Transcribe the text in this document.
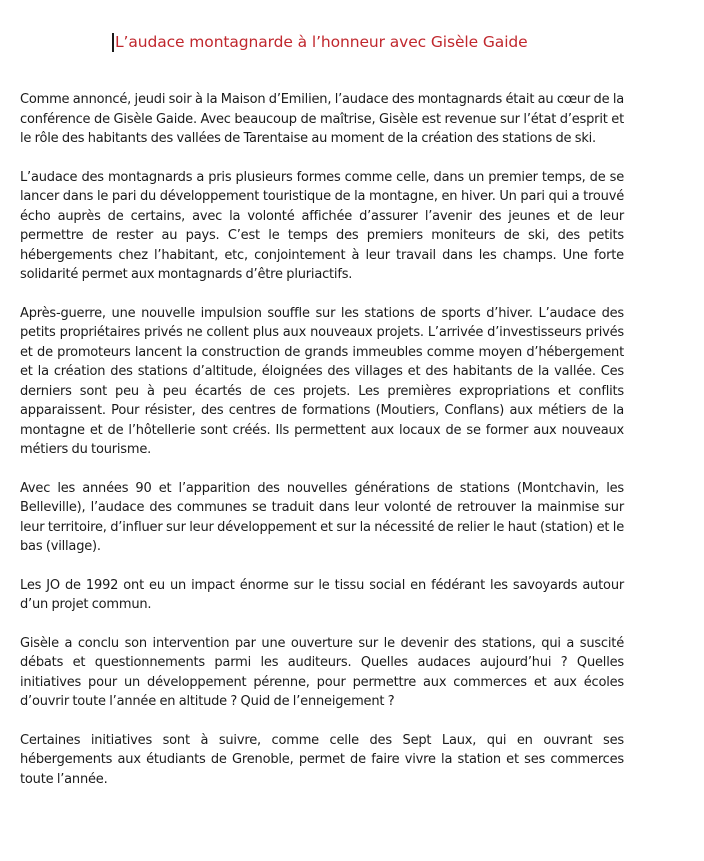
L’audace montagnarde à l’honneur avec Gisèle Gaide

Comme annoncé, jeudi soir à la Maison d’Emilien, l’audace des montagnards était au cœur de la conférence de Gisèle Gaide. Avec beaucoup de maîtrise, Gisèle est revenue sur l’état d’esprit et le rôle des habitants des vallées de Tarentaise au moment de la création des stations de ski.

L’audace des montagnards a pris plusieurs formes comme celle, dans un premier temps, de se lancer dans le pari du développement touristique de la montagne, en hiver. Un pari qui a trouvé écho auprès de certains, avec la volonté affichée d’assurer l’avenir des jeunes et de leur permettre de rester au pays. C’est le temps des premiers moniteurs de ski, des petits hébergements chez l’habitant, etc, conjointement à leur travail dans les champs. Une forte solidarité permet aux montagnards d’être pluriactifs.

Après-guerre, une nouvelle impulsion souffle sur les stations de sports d’hiver. L’audace des petits propriétaires privés ne collent plus aux nouveaux projets. L’arrivée d’investisseurs privés et de promoteurs lancent la construction de grands immeubles comme moyen d’hébergement et la création des stations d’altitude, éloignées des villages et des habitants de la vallée. Ces derniers sont peu à peu écartés de ces projets. Les premières expropriations et conflits apparaissent. Pour résister, des centres de formations (Moutiers, Conflans) aux métiers de la montagne et de l’hôtellerie sont créés. Ils permettent aux locaux de se former aux nouveaux métiers du tourisme.

Avec les années 90 et l’apparition des nouvelles générations de stations (Montchavin, les Belleville), l’audace des communes se traduit dans leur volonté de retrouver la mainmise sur leur territoire, d’influer sur leur développement et sur la nécessité de relier le haut (station) et le bas (village).

Les JO de 1992 ont eu un impact énorme sur le tissu social en fédérant les savoyards autour d’un projet commun.

Gisèle a conclu son intervention par une ouverture sur le devenir des stations, qui a suscité débats et questionnements parmi les auditeurs. Quelles audaces aujourd’hui ? Quelles initiatives pour un développement pérenne, pour permettre aux commerces et aux écoles d’ouvrir toute l’année en altitude ? Quid de l’enneigement ?

Certaines initiatives sont à suivre, comme celle des Sept Laux, qui en ouvrant ses hébergements aux étudiants de Grenoble, permet de faire vivre la station et ses commerces toute l’année.
